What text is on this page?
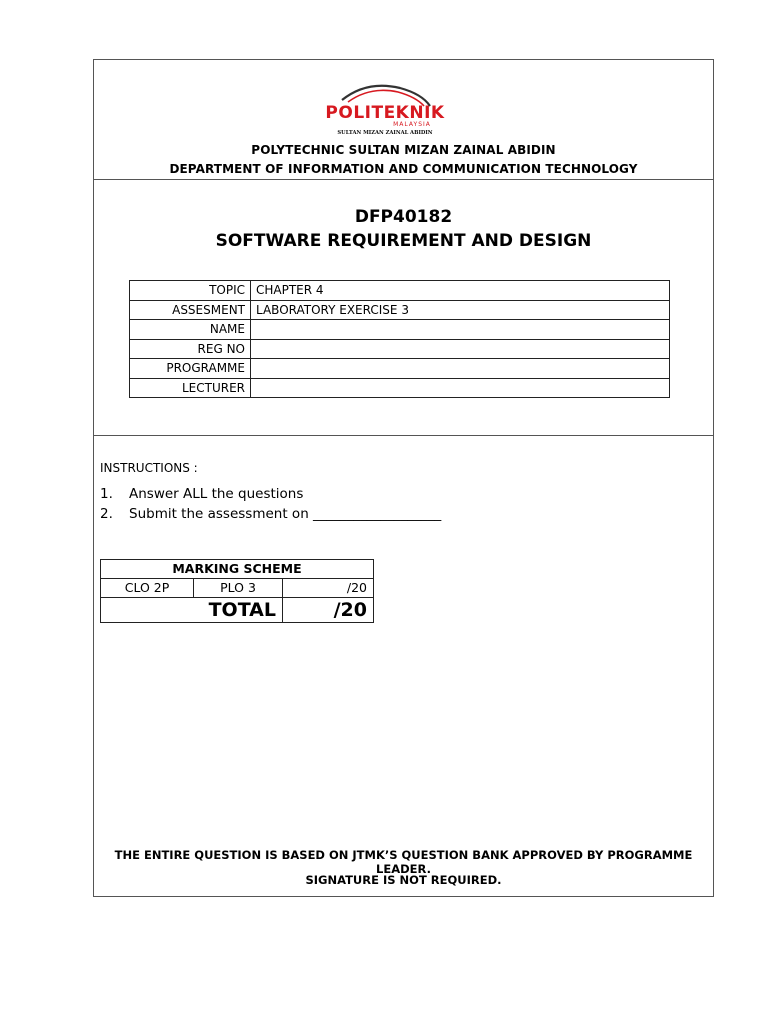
POLITEKNIK
MALAYSIA
SULTAN MIZAN ZAINAL ABIDIN
POLYTECHNIC SULTAN MIZAN ZAINAL ABIDIN
DEPARTMENT OF INFORMATION AND COMMUNICATION TECHNOLOGY
DFP40182
SOFTWARE REQUIREMENT AND DESIGN
TOPIC	CHAPTER 4
ASSESMENT	LABORATORY EXERCISE 3
NAME	
REG NO	
PROGRAMME	
LECTURER	
INSTRUCTIONS :
1. Answer ALL the questions
2. Submit the assessment on ___________________
MARKING SCHEME		
CLO 2P	PLO 3	/20
TOTAL		/20
THE ENTIRE QUESTION IS BASED ON JTMK’S QUESTION BANK APPROVED BY PROGRAMME LEADER.
SIGNATURE IS NOT REQUIRED.
